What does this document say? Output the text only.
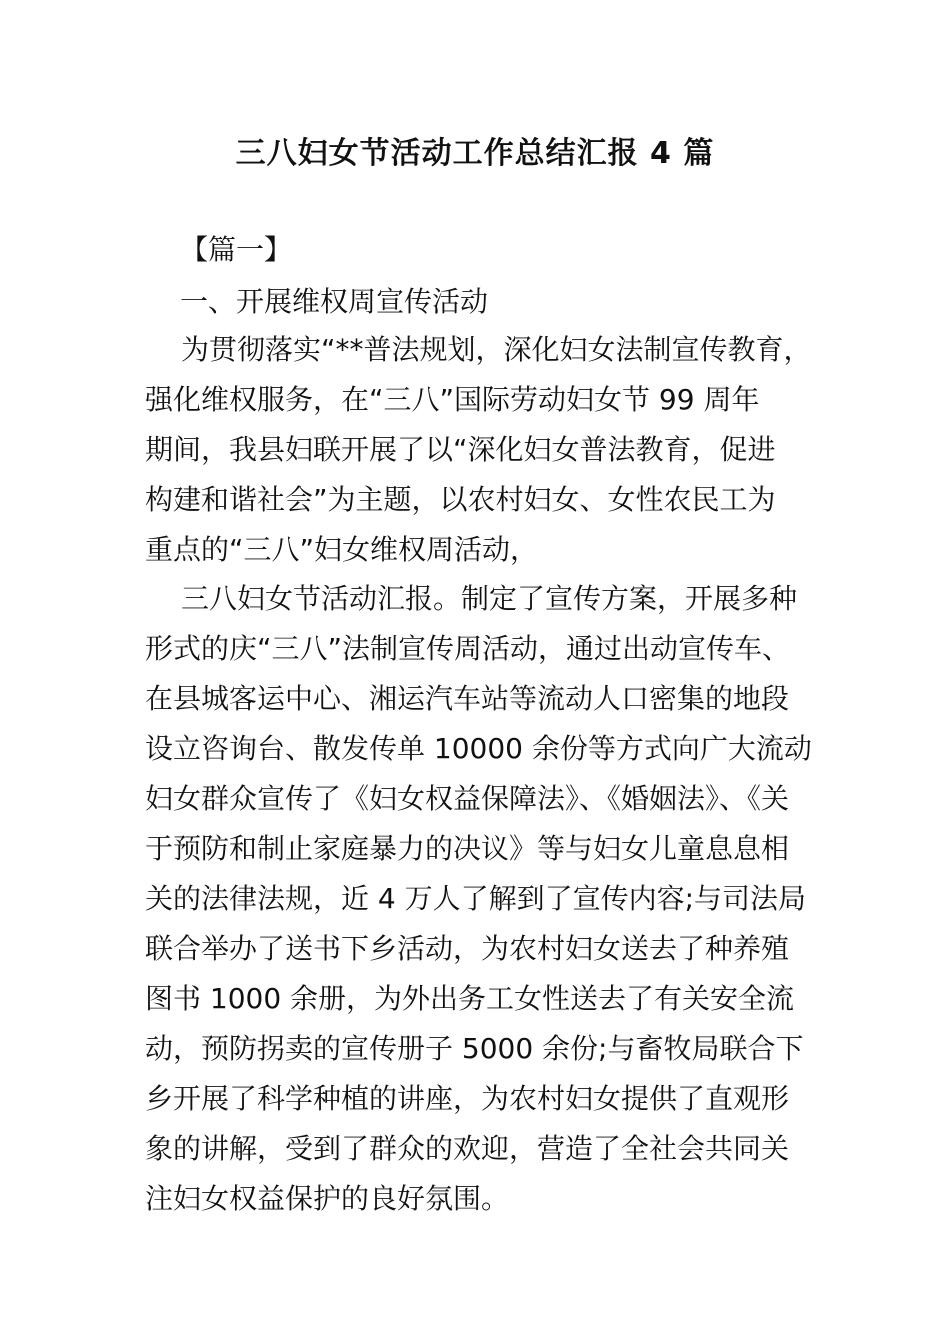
三八妇女节活动工作总结汇报 4 篇
【篇一】
一、开展维权周宣传活动
为贯彻落实“**普法规划，深化妇女法制宣传教育，
强化维权服务，在“三八”国际劳动妇女节 99 周年
期间，我县妇联开展了以“深化妇女普法教育，促进
构建和谐社会”为主题，以农村妇女、女性农民工为
重点的“三八”妇女维权周活动，
三八妇女节活动汇报。制定了宣传方案，开展多种
形式的庆“三八”法制宣传周活动，通过出动宣传车、
在县城客运中心、湘运汽车站等流动人口密集的地段
设立咨询台、散发传单 10000 余份等方式向广大流动
妇女群众宣传了《妇女权益保障法》、《婚姻法》、《关
于预防和制止家庭暴力的决议》等与妇女儿童息息相
关的法律法规，近 4 万人了解到了宣传内容;与司法局
联合举办了送书下乡活动，为农村妇女送去了种养殖
图书 1000 余册，为外出务工女性送去了有关安全流
动，预防拐卖的宣传册子 5000 余份;与畜牧局联合下
乡开展了科学种植的讲座，为农村妇女提供了直观形
象的讲解，受到了群众的欢迎，营造了全社会共同关
注妇女权益保护的良好氛围。
